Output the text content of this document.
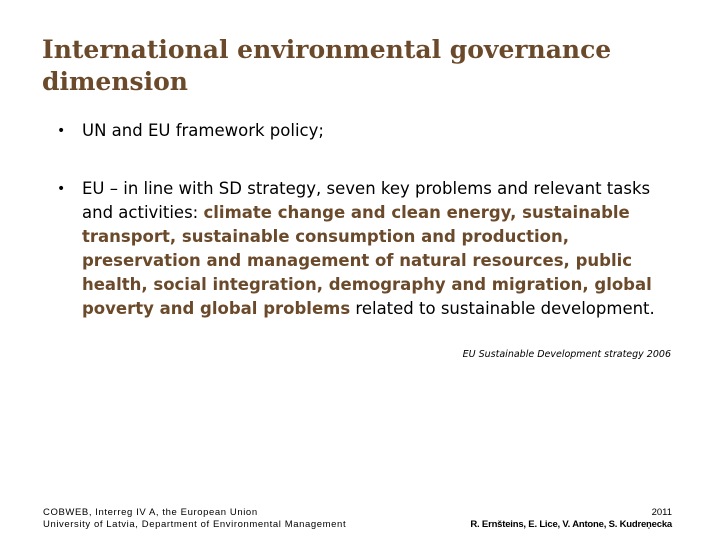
International environmental governance dimension
• UN and EU framework policy;
• EU – in line with SD strategy, seven key problems and relevant tasks and activities: climate change and clean energy, sustainable transport, sustainable consumption and production, preservation and management of natural resources, public health, social integration, demography and migration, global poverty and global problems related to sustainable development.
EU Sustainable Development strategy 2006
COBWEB, Interreg IV A, the European Union
University of Latvia, Department of Environmental Management
2011
R. Ernšteins, E. Lice, V. Antone, S. Kudreņecka
